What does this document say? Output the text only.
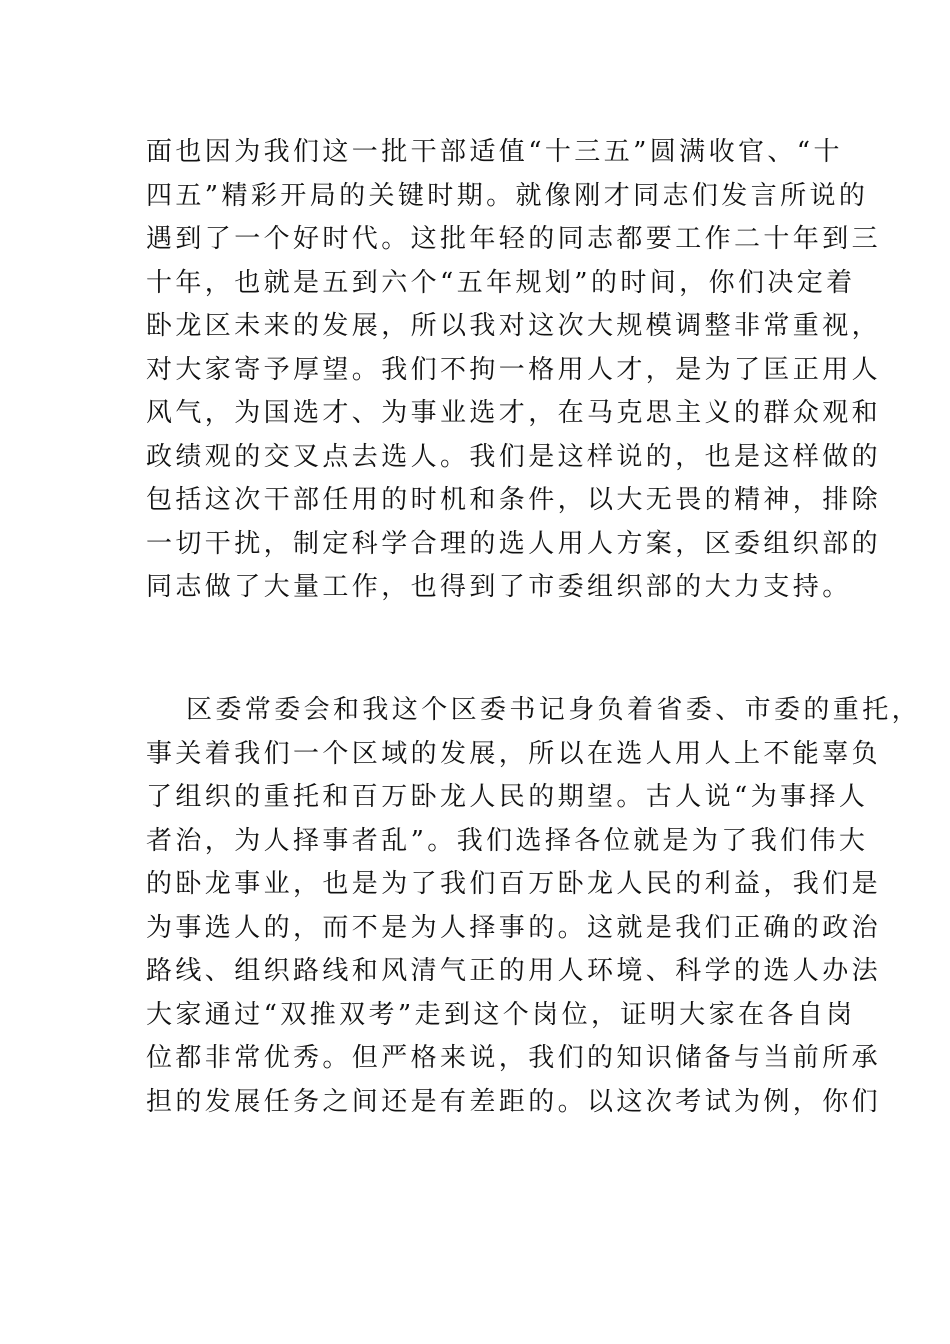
面也因为我们这一批干部适值“十三五”圆满收官、“十
四五”精彩开局的关键时期。就像刚才同志们发言所说的
遇到了一个好时代。这批年轻的同志都要工作二十年到三
十年，也就是五到六个“五年规划”的时间，你们决定着
卧龙区未来的发展，所以我对这次大规模调整非常重视，
对大家寄予厚望。我们不拘一格用人才，是为了匡正用人
风气，为国选才、为事业选才，在马克思主义的群众观和
政绩观的交叉点去选人。我们是这样说的，也是这样做的
包括这次干部任用的时机和条件，以大无畏的精神，排除
一切干扰，制定科学合理的选人用人方案，区委组织部的
同志做了大量工作，也得到了市委组织部的大力支持。
区委常委会和我这个区委书记身负着省委、市委的重托，
事关着我们一个区域的发展，所以在选人用人上不能辜负
了组织的重托和百万卧龙人民的期望。古人说“为事择人
者治，为人择事者乱”。我们选择各位就是为了我们伟大
的卧龙事业，也是为了我们百万卧龙人民的利益，我们是
为事选人的，而不是为人择事的。这就是我们正确的政治
路线、组织路线和风清气正的用人环境、科学的选人办法
大家通过“双推双考”走到这个岗位，证明大家在各自岗
位都非常优秀。但严格来说，我们的知识储备与当前所承
担的发展任务之间还是有差距的。以这次考试为例，你们
